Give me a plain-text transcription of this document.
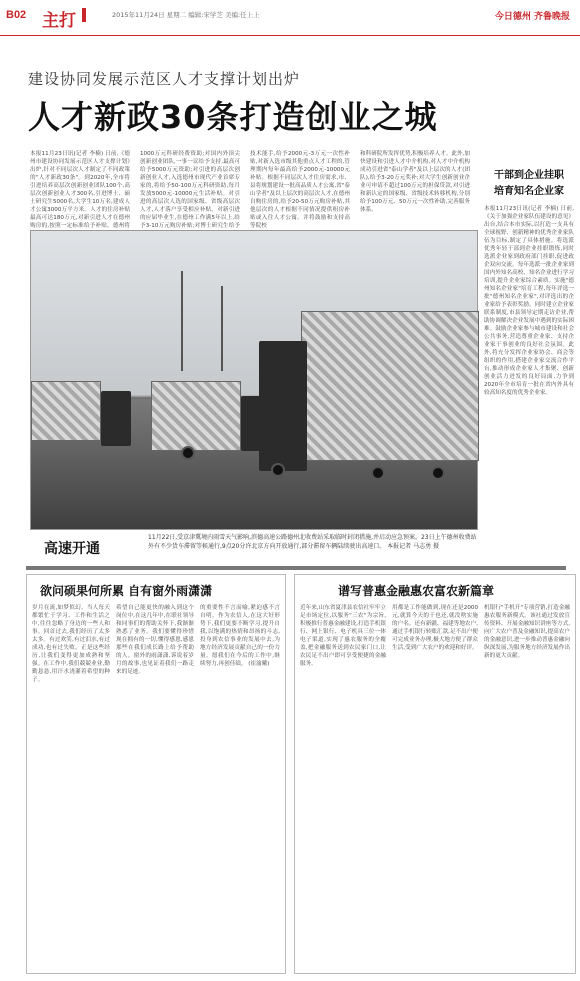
B02 主打	2015年11月24日 星期二 编辑:宋学芝 美编:任上上	今日德州 齐鲁晚报
建设协同发展示范区人才支撑计划出炉
人才新政30条打造创业之城
本报11月23日讯(记者 李楠) 日前,《德州市建设协同发展示范区人才支撑计划》出炉,针对不同层次人才制定了不同政策的"人才新政30条"。到2020年,全市将引进培养高层次创新创业团队100个,高层次创新创业人才300名,引进博士、硕士研究生5000名,大学生10万名,建成人才公寓3000万平方米。人才的住房补贴最高可达180万元,对新引进人才在德州购房的,按照一定标准给予补贴。德州将
1000万元科研经费资助;对国内外顶尖创新创业团队,一事一议给予支持,最高可给予5000万元资助;对引进的高层次创新创业人才,入选德州市现代产业首席专家的,将给予50-100万元科研资助,每月发放5000元-10000元生活补贴。对引进的高层次人选的国家级、省级高层次人才,人才落户享受相应补贴。对新引进的应届毕业生,在德州工作满5年以上,给予3-10万元购房补贴;对博士研究生给予
技术能手,给予2000元-3万元一次性补贴,对新入选市级其他重点人才工程的,管理期内每年最高给予2000元-10000元补贴。根据不同层次人才住房需求,市、县将规划建设一批高品质人才公寓,省"泰山学者"及以上层次的高层次人才,在德州自购住房的,给予20-50万元购房补贴,其他层次的人才根据不同情况提供租房补贴或入住人才公寓。并将鼓励和支持高等院校
和科研院所发挥优势,积极培养人才。此外,加快建设和引进人才中介机构,对人才中介机构成功引进省"泰山学者"及以上层次的人才(团队),给予3-20万元奖补;对大学生创新创业企业可申请不超过100万元的担保贷款,对引进和新认定的国家级、省级技术转移机构,分别给予100万元、50万元一次性补助,完善服务体系。
干部到企业挂职
培育知名企业家
本报11月23日讯(记者 李楠) 日前,《关于加强企业家队伍建设的意见》出台,结合本市实际,以打造一支具有全球视野、创新精神的优秀企业家队伍为目标,制定了具体措施。将选派优秀年轻干部到企业挂职锻炼,同时选派企业家到政府部门挂职,促进政企双向交流。每年选派一批企业家到国内外知名高校、知名企业进行学习培训,提升企业家综合素质。实施"德州知名企业家"培育工程,每年评选一批"德州知名企业家",对评选出的企业家给予表彰奖励。同时建立企业家联系制度,市县领导定期走访企业,帮助协调解决企业发展中遇到的实际困难。鼓励企业家参与城市建设和社会公共事务,营造尊重企业家、支持企业家干事创业的良好社会氛围。此外,将充分发挥企业家协会、商会等组织的作用,搭建企业家交流合作平台,推动形成企业家人才集聚、创新创业活力迸发的良好局面,力争到2020年全市培育一批在省内外具有较高知名度的优秀企业家。
高速开通
11月22日,受京津冀境内雨雪天气影响,滨德高速公路德州北收费站采取临时封闭措施,并启动应急预案。23日上午德州收费站外有不少货车滞留等候通行,9点20分许北京方向开放通行,部分滞留车辆陆续驶出高速口。 本报记者 马志勇 摄
欲问硕果何所累 自有窗外雨潇潇
岁月在流,如梦似幻。当人每天都繁忙于学习、工作和生活之中,往往忽略了身边的一些人和事。回首过去,我们经历了太多太多。有过欢笑,有过泪水,有过成功,也有过失败。正是这些经历,让我们变得更加成熟和坚强。在工作中,我们兢兢业业,勤勤恳恳,用汗水浇灌着希望的种子。
希望自己能更快的融入到这个岗位中,在这几年中,在联社领导和同事们的帮助关怀下,我渐渐熟悉了业务。我们要懂得珍惜现在拥有的一切,懂得感恩,感恩那些在我们成长路上给予帮助的人。窗外的雨潇潇,诉说着岁月的故事,也见证着我们一路走来的足迹。
的重要性不言而喻,紧迫感不言自明。作为农信人,在这大好形势下,我们更要不断学习,提升自我,以饱满的热情和昂扬的斗志,投身到农信事业的发展中去,为地方经济发展贡献自己的一份力量。愿我们在今后的工作中,继续努力,再创佳绩。 (崔渝曦)
谱写普惠金融惠农富农新篇章
近年来,山东省夏津县农信社牢牢立足市场定位,以服务"三农"为宗旨,积极推行普惠金融建设,打造手机银行、网上银行、电子机具三位一体电子渠道,实现了惠农服务的全覆盖,把金融服务送到农民家门口,让农民足不出户即可享受便捷的金融服务。
用都是工作能做到,现在还是2000元,就算今天的干也还,就没啥实施的户名。还有新疆、福建等地农户,通过手机银行转账汇款,足不出户便可完成业务办理,极大地方便了群众生活,受到广大农户的欢迎和好评。
机银行"手机开"专项营销,打造金融惠农服务新模式。该社通过发放宣传资料、开展金融知识讲座等方式,向广大农户普及金融知识,提高农户的金融意识,进一步推动普惠金融向纵深发展,为服务地方经济发展作出新的更大贡献。
